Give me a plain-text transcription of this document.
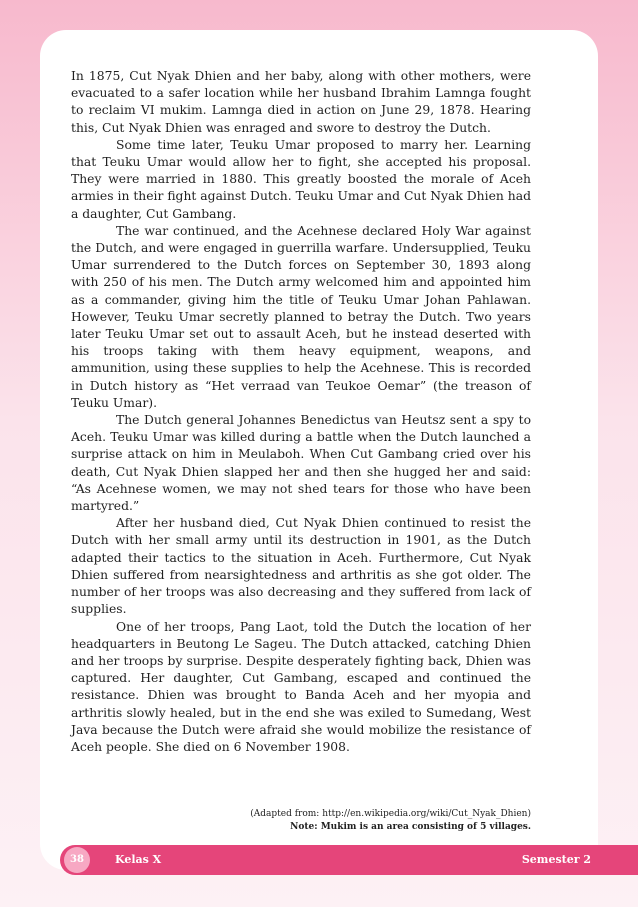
In 1875, Cut Nyak Dhien and her baby, along with other mothers, were evacuated to a safer location while her husband Ibrahim Lamnga fought to reclaim VI mukim. Lamnga died in action on June 29, 1878. Hearing this, Cut Nyak Dhien was enraged and swore to destroy the Dutch.

Some time later, Teuku Umar proposed to marry her. Learning that Teuku Umar would allow her to fight, she accepted his proposal. They were married in 1880. This greatly boosted the morale of Aceh armies in their fight against Dutch. Teuku Umar and Cut Nyak Dhien had a daughter, Cut Gambang.

The war continued, and the Acehnese declared Holy War against the Dutch, and were engaged in guerrilla warfare. Undersupplied, Teuku Umar surrendered to the Dutch forces on September 30, 1893 along with 250 of his men. The Dutch army welcomed him and appointed him as a commander, giving him the title of Teuku Umar Johan Pahlawan. However, Teuku Umar secretly planned to betray the Dutch. Two years later Teuku Umar set out to assault Aceh, but he instead deserted with his troops taking with them heavy equipment, weapons, and ammunition, using these supplies to help the Acehnese. This is recorded in Dutch history as “Het verraad van Teukoe Oemar” (the treason of Teuku Umar).

The Dutch general Johannes Benedictus van Heutsz sent a spy to Aceh. Teuku Umar was killed during a battle when the Dutch launched a surprise attack on him in Meulaboh. When Cut Gambang cried over his death, Cut Nyak Dhien slapped her and then she hugged her and said: “As Acehnese women, we may not shed tears for those who have been martyred.”

After her husband died, Cut Nyak Dhien continued to resist the Dutch with her small army until its destruction in 1901, as the Dutch adapted their tactics to the situation in Aceh. Furthermore, Cut Nyak Dhien suffered from nearsightedness and arthritis as she got older. The number of her troops was also decreasing and they suffered from lack of supplies.

One of her troops, Pang Laot, told the Dutch the location of her headquarters in Beutong Le Sageu. The Dutch attacked, catching Dhien and her troops by surprise. Despite desperately fighting back, Dhien was captured. Her daughter, Cut Gambang, escaped and continued the resistance. Dhien was brought to Banda Aceh and her myopia and arthritis slowly healed, but in the end she was exiled to Sumedang, West Java because the Dutch were afraid she would mobilize the resistance of Aceh people. She died on 6 November 1908.

(Adapted from: http://en.wikipedia.org/wiki/Cut_Nyak_Dhien)
Note: Mukim is an area consisting of 5 villages.
38	Kelas X	Semester 2
